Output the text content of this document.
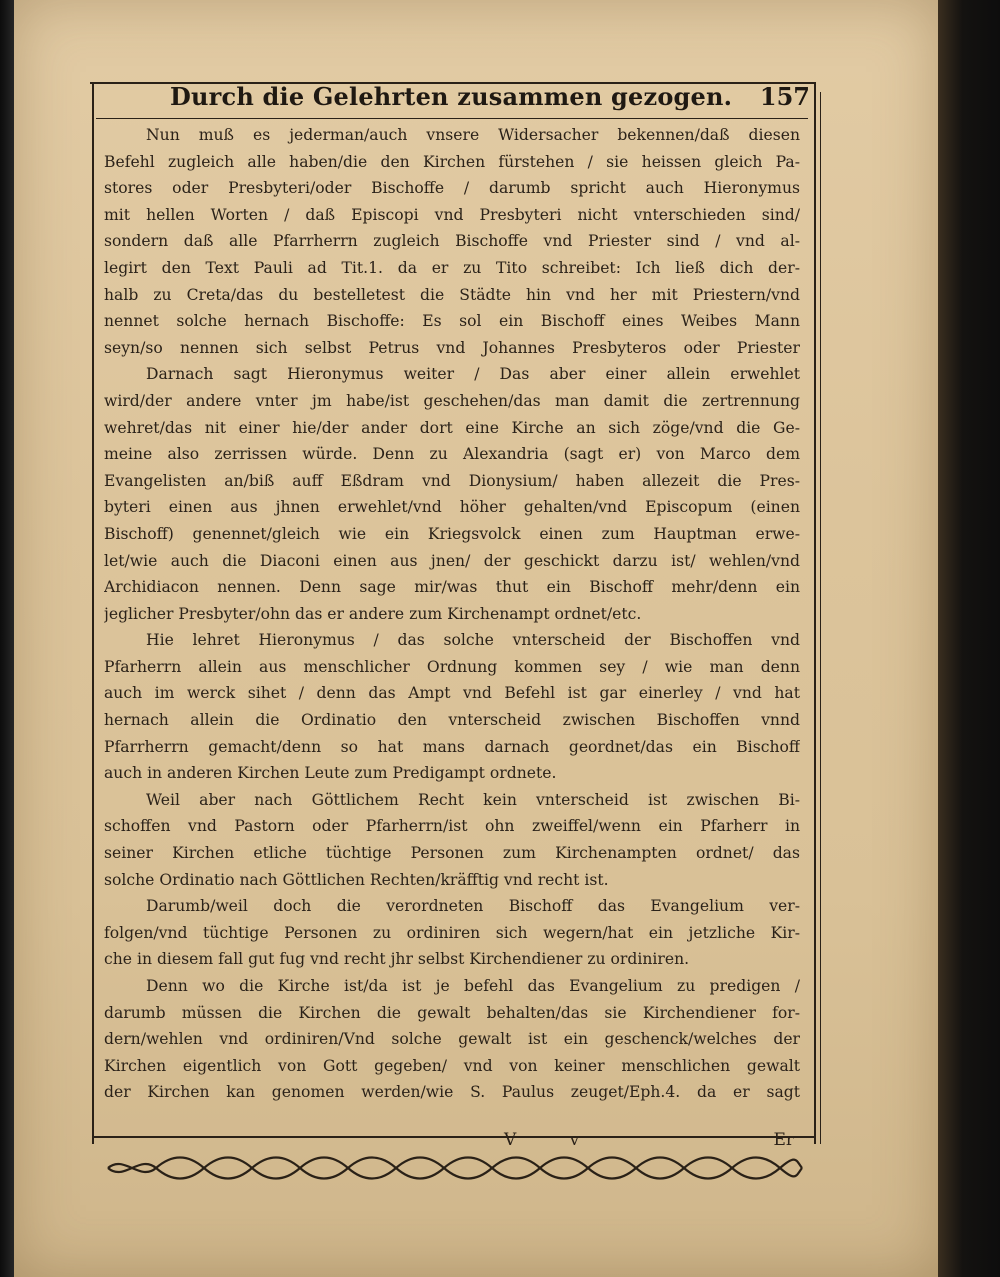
Durch die Gelehrten zusammen gezogen. 157
Nun muß es jederman/auch vnsere Widersacher bekennen/daß diesen
Befehl zugleich alle haben/die den Kirchen fürstehen / sie heissen gleich Pa-
stores oder Presbyteri/oder Bischoffe / darumb spricht auch Hieronymus
mit hellen Worten / daß Episcopi vnd Presbyteri nicht vnterschieden sind/
sondern daß alle Pfarrherrn zugleich Bischoffe vnd Priester sind / vnd al-
legirt den Text Pauli ad Tit.1. da er zu Tito schreibet: Ich ließ dich der-
halb zu Creta/das du bestelletest die Städte hin vnd her mit Priestern/vnd
nennet solche hernach Bischoffe: Es sol ein Bischoff eines Weibes Mann
seyn/so nennen sich selbst Petrus vnd Johannes Presbyteros oder Priester
Darnach sagt Hieronymus weiter / Das aber einer allein erwehlet
wird/der andere vnter jm habe/ist geschehen/das man damit die zertrennung
wehret/das nit einer hie/der ander dort eine Kirche an sich zöge/vnd die Ge-
meine also zerrissen würde. Denn zu Alexandria (sagt er) von Marco dem
Evangelisten an/biß auff Eßdram vnd Dionysium/ haben allezeit die Pres-
byteri einen aus jhnen erwehlet/vnd höher gehalten/vnd Episcopum (einen
Bischoff) genennet/gleich wie ein Kriegsvolck einen zum Hauptman erwe-
let/wie auch die Diaconi einen aus jnen/ der geschickt darzu ist/ wehlen/vnd
Archidiacon nennen. Denn sage mir/was thut ein Bischoff mehr/denn ein
jeglicher Presbyter/ohn das er andere zum Kirchenampt ordnet/etc.
Hie lehret Hieronymus / das solche vnterscheid der Bischoffen vnd
Pfarherrn allein aus menschlicher Ordnung kommen sey / wie man denn
auch im werck sihet / denn das Ampt vnd Befehl ist gar einerley / vnd hat
hernach allein die Ordinatio den vnterscheid zwischen Bischoffen vnnd
Pfarrherrn gemacht/denn so hat mans darnach geordnet/das ein Bischoff
auch in anderen Kirchen Leute zum Predigampt ordnete.
Weil aber nach Göttlichem Recht kein vnterscheid ist zwischen Bi-
schoffen vnd Pastorn oder Pfarherrn/ist ohn zweiffel/wenn ein Pfarherr in
seiner Kirchen etliche tüchtige Personen zum Kirchenampten ordnet/ das
solche Ordinatio nach Göttlichen Rechten/kräfftig vnd recht ist.
Darumb/weil doch die verordneten Bischoff das Evangelium ver-
folgen/vnd tüchtige Personen zu ordiniren sich wegern/hat ein jetzliche Kir-
che in diesem fall gut fug vnd recht jhr selbst Kirchendiener zu ordiniren.
Denn wo die Kirche ist/da ist je befehl das Evangelium zu predigen /
darumb müssen die Kirchen die gewalt behalten/das sie Kirchendiener for-
dern/wehlen vnd ordiniren/Vnd solche gewalt ist ein geschenck/welches der
Kirchen eigentlich von Gott gegeben/ vnd von keiner menschlichen gewalt
der Kirchen kan genomen werden/wie S. Paulus zeuget/Eph.4. da er sagt
V v	Er
